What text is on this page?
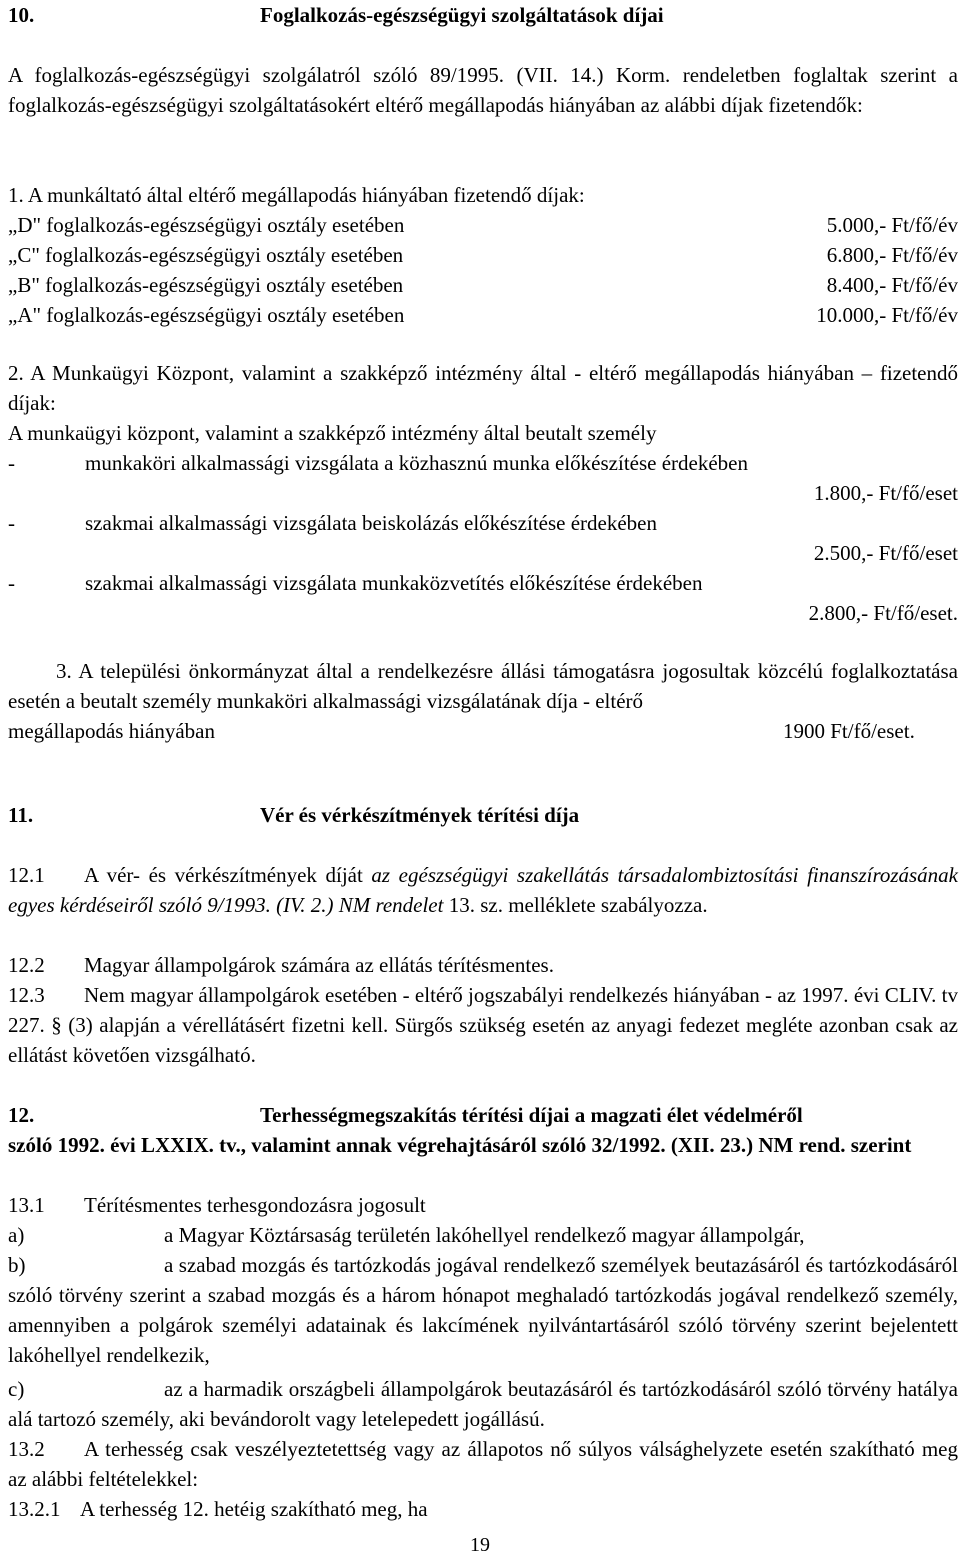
10.	Foglalkozás-egészségügyi szolgáltatások díjai
A foglalkozás-egészségügyi szolgálatról szóló 89/1995. (VII. 14.) Korm. rendeletben foglaltak szerint a foglalkozás-egészségügyi szolgáltatásokért eltérő megállapodás hiányában az alábbi díjak fizetendők:
1. A munkáltató által eltérő megállapodás hiányában fizetendő díjak:
„D" foglalkozás-egészségügyi osztály esetében	5.000,- Ft/fő/év
„C" foglalkozás-egészségügyi osztály esetében	6.800,- Ft/fő/év
„B" foglalkozás-egészségügyi osztály esetében	8.400,- Ft/fő/év
„A" foglalkozás-egészségügyi osztály esetében	10.000,- Ft/fő/év
2. A Munkaügyi Központ, valamint a szakképző intézmény által - eltérő megállapodás hiányában – fizetendő díjak:
A munkaügyi központ, valamint a szakképző intézmény által beutalt személy
-	munkaköri alkalmassági vizsgálata a közhasznú munka előkészítése érdekében
1.800,- Ft/fő/eset
-	szakmai alkalmassági vizsgálata beiskolázás előkészítése érdekében
2.500,- Ft/fő/eset
-	szakmai alkalmassági vizsgálata munkaközvetítés előkészítése érdekében
2.800,- Ft/fő/eset.
3. A települési önkormányzat által a rendelkezésre állási támogatásra jogosultak közcélú foglalkoztatása esetén a beutalt személy munkaköri alkalmassági vizsgálatának díja - eltérő
megállapodás hiányában	1900 Ft/fő/eset.
11.	Vér és vérkészítmények térítési díja
12.1 A vér- és vérkészítmények díját az egészségügyi szakellátás társadalombiztosítási finanszírozásának egyes kérdéseiről szóló 9/1993. (IV. 2.) NM rendelet 13. sz. melléklete szabályozza.
12.2 Magyar állampolgárok számára az ellátás térítésmentes.
12.3 Nem magyar állampolgárok esetében - eltérő jogszabályi rendelkezés hiányában - az 1997. évi CLIV. tv 227. § (3) alapján a vérellátásért fizetni kell. Sürgős szükség esetén az anyagi fedezet megléte azonban csak az ellátást követően vizsgálható.
12.	Terhességmegszakítás térítési díjai a magzati élet védelméről
szóló 1992. évi LXXIX. tv., valamint annak végrehajtásáról szóló 32/1992. (XII. 23.) NM rend. szerint
13.1 Térítésmentes terhesgondozásra jogosult
a)	a Magyar Köztársaság területén lakóhellyel rendelkező magyar állampolgár,
b)	a szabad mozgás és tartózkodás jogával rendelkező személyek beutazásáról és tartózkodásáról szóló törvény szerint a szabad mozgás és a három hónapot meghaladó tartózkodás jogával rendelkező személy, amennyiben a polgárok személyi adatainak és lakcímének nyilvántartásáról szóló törvény szerint bejelentett lakóhellyel rendelkezik,
c)	az a harmadik országbeli állampolgárok beutazásáról és tartózkodásáról szóló törvény hatálya alá tartozó személy, aki bevándorolt vagy letelepedett jogállású.
13.2 A terhesség csak veszélyeztetettség vagy az állapotos nő súlyos válsághelyzete esetén szakítható meg az alábbi feltételekkel:
13.2.1 A terhesség 12. hetéig szakítható meg, ha
19
